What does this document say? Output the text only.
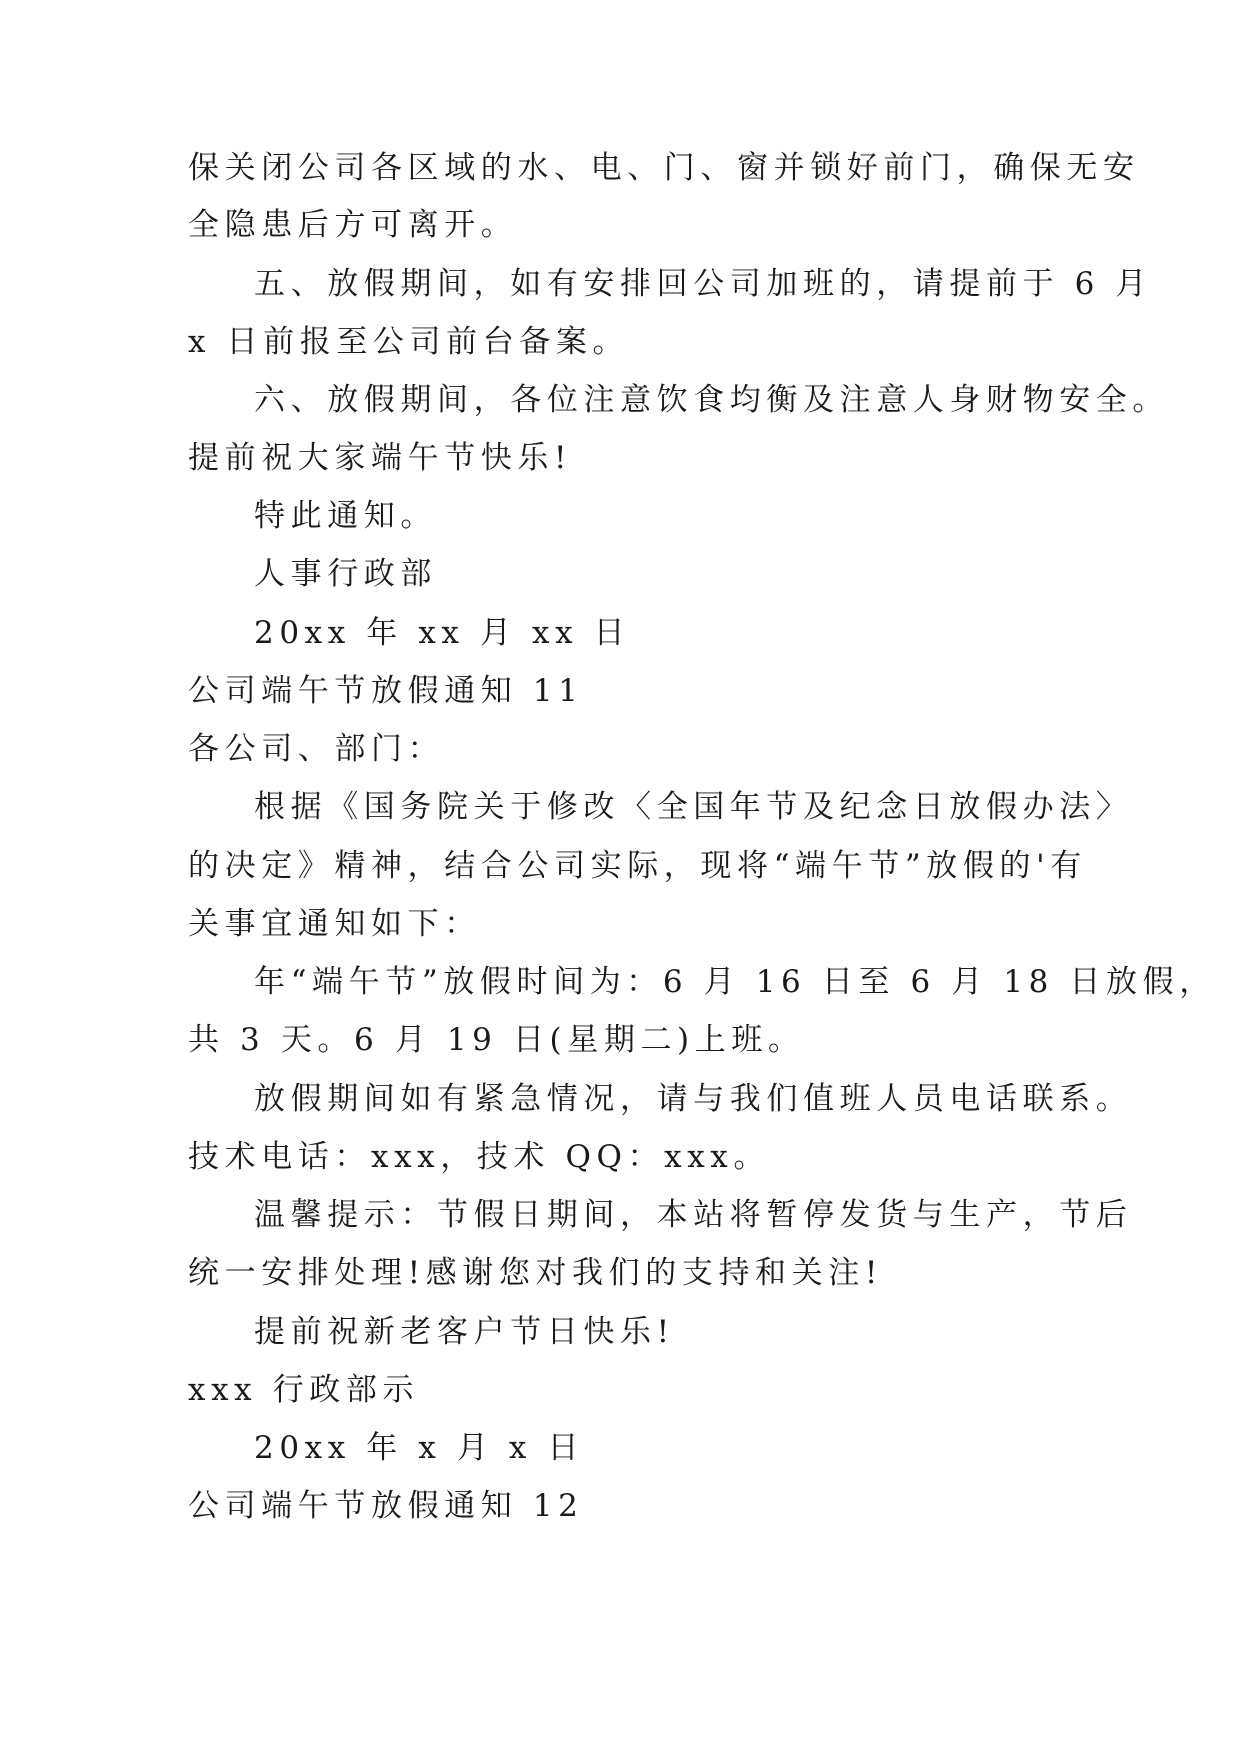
保关闭公司各区域的水、电、门、窗并锁好前门，确保无安
全隐患后方可离开。
五、放假期间，如有安排回公司加班的，请提前于 6 月
x 日前报至公司前台备案。
六、放假期间，各位注意饮食均衡及注意人身财物安全。
提前祝大家端午节快乐!
特此通知。
人事行政部
20xx 年 xx 月 xx 日
公司端午节放假通知 11
各公司、部门：
根据《国务院关于修改〈全国年节及纪念日放假办法〉
的决定》精神，结合公司实际，现将“端午节”放假的'有
关事宜通知如下：
年“端午节”放假时间为：6 月 16 日至 6 月 18 日放假，
共 3 天。6 月 19 日(星期二)上班。
放假期间如有紧急情况，请与我们值班人员电话联系。
技术电话：xxx，技术 QQ：xxx。
温馨提示：节假日期间，本站将暂停发货与生产，节后
统一安排处理!感谢您对我们的支持和关注!
提前祝新老客户节日快乐!
xxx 行政部示
20xx 年 x 月 x 日
公司端午节放假通知 12
